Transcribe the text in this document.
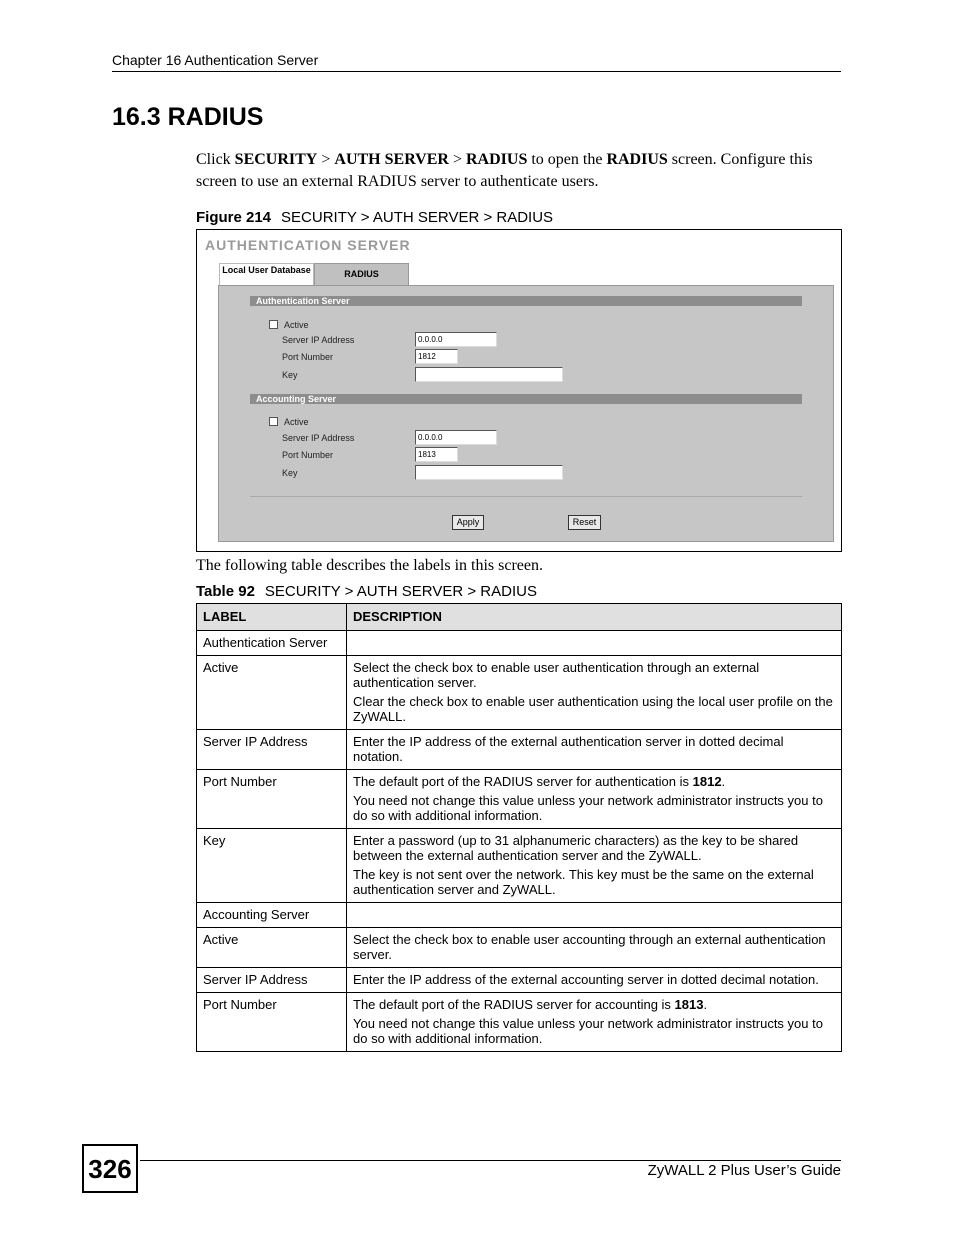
Chapter 16 Authentication Server
16.3 RADIUS
Click SECURITY > AUTH SERVER > RADIUS to open the RADIUS screen. Configure this screen to use an external RADIUS server to authenticate users.
Figure 214 SECURITY > AUTH SERVER > RADIUS
AUTHENTICATION SERVER
Local User Database	RADIUS
Authentication Server
Active
Server IP Address	0.0.0.0
Port Number	1812
Key
Accounting Server
Active
Server IP Address	0.0.0.0
Port Number	1813
Key
Apply	Reset
The following table describes the labels in this screen.
Table 92 SECURITY > AUTH SERVER > RADIUS
LABEL	DESCRIPTION
Authentication Server	

Active	Select the check box to enable user authentication through an external authentication server.

Clear the check box to enable user authentication using the local user profile on the ZyWALL.

Server IP Address	Enter the IP address of the external authentication server in dotted decimal notation.

Port Number	The default port of the RADIUS server for authentication is 1812.

You need not change this value unless your network administrator instructs you to do so with additional information.

Key	Enter a password (up to 31 alphanumeric characters) as the key to be shared between the external authentication server and the ZyWALL.

The key is not sent over the network. This key must be the same on the external authentication server and ZyWALL.

Accounting Server	

Active	Select the check box to enable user accounting through an external authentication server.

Server IP Address	Enter the IP address of the external accounting server in dotted decimal notation.

Port Number	The default port of the RADIUS server for accounting is 1813.

You need not change this value unless your network administrator instructs you to do so with additional information.

326	ZyWALL 2 Plus User’s Guide
